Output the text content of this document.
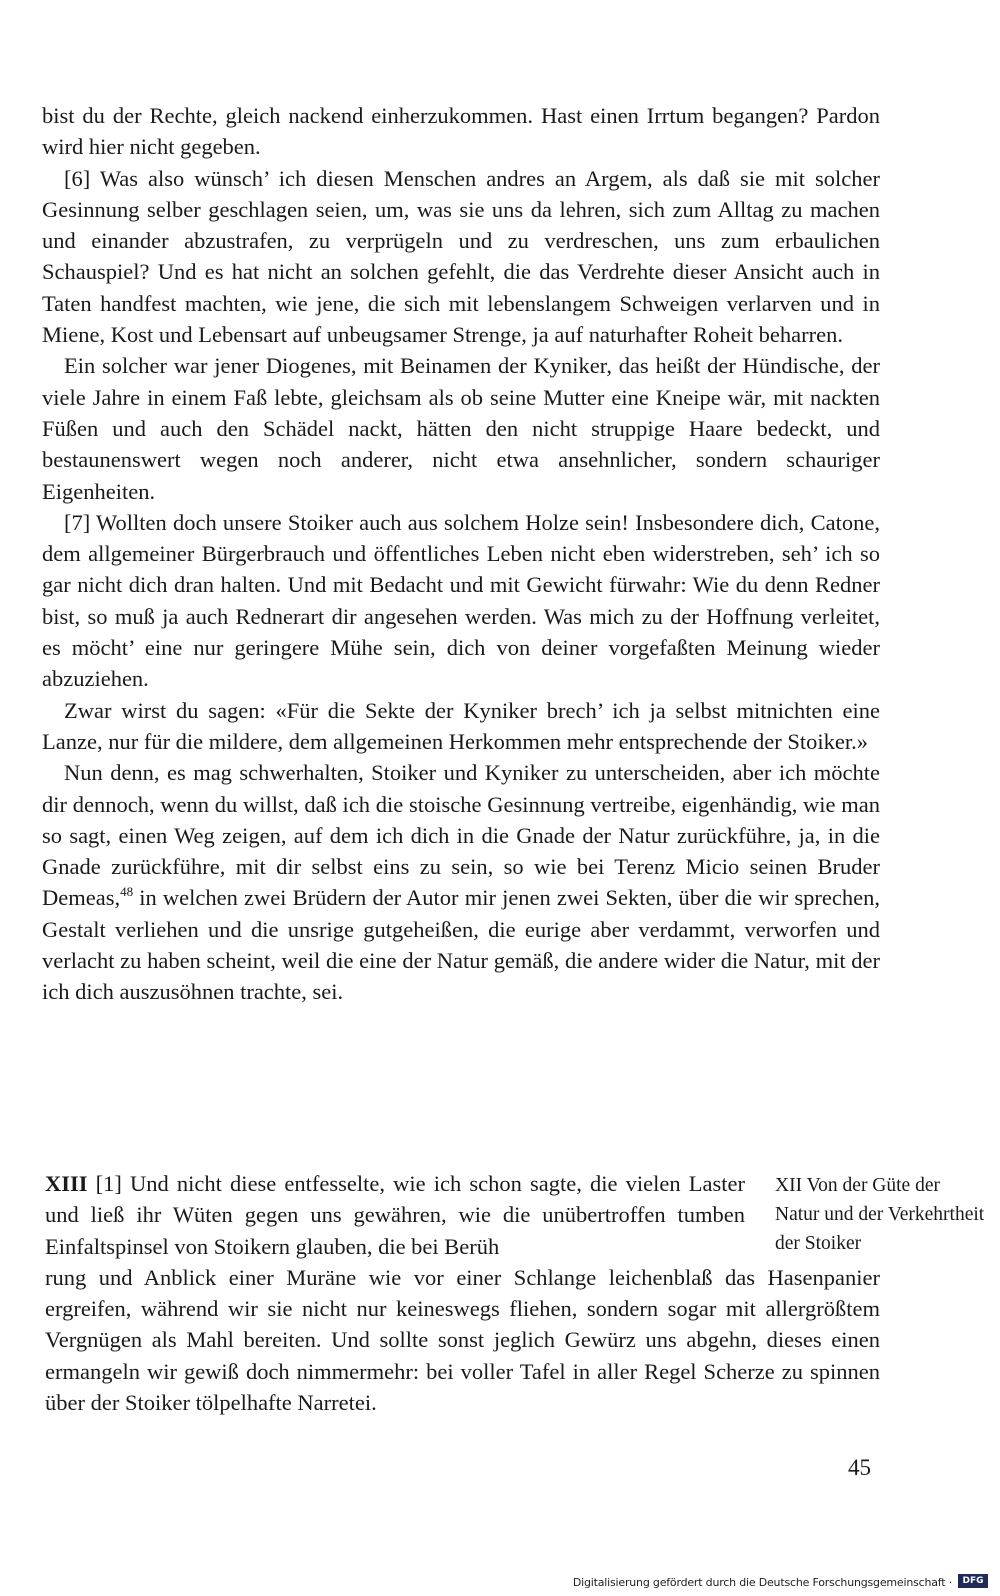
bist du der Rechte, gleich nackend einherzukommen. Hast einen Irrtum begangen? Pardon wird hier nicht gegeben.

[6] Was also wünsch’ ich diesen Menschen andres an Argem, als daß sie mit solcher Gesinnung selber geschlagen seien, um, was sie uns da lehren, sich zum Alltag zu machen und einander abzustrafen, zu verprügeln und zu verdreschen, uns zum erbaulichen Schauspiel? Und es hat nicht an solchen gefehlt, die das Verdrehte dieser Ansicht auch in Taten handfest machten, wie jene, die sich mit lebenslangem Schweigen verlarven und in Miene, Kost und Lebensart auf unbeugsamer Strenge, ja auf naturhafter Roheit beharren.

Ein solcher war jener Diogenes, mit Beinamen der Kyniker, das heißt der Hündische, der viele Jahre in einem Faß lebte, gleichsam als ob seine Mutter eine Kneipe wär, mit nackten Füßen und auch den Schädel nackt, hätten den nicht struppige Haare bedeckt, und bestaunenswert wegen noch anderer, nicht etwa ansehnlicher, sondern schauriger Eigenheiten.

[7] Wollten doch unsere Stoiker auch aus solchem Holze sein! Insbesondere dich, Catone, dem allgemeiner Bürgerbrauch und öffentliches Leben nicht eben widerstreben, seh’ ich so gar nicht dich dran halten. Und mit Bedacht und mit Gewicht fürwahr: Wie du denn Redner bist, so muß ja auch Rednerart dir angesehen werden. Was mich zu der Hoffnung verleitet, es möcht’ eine nur geringere Mühe sein, dich von deiner vorgefaßten Meinung wieder abzuziehen.

Zwar wirst du sagen: «Für die Sekte der Kyniker brech’ ich ja selbst mitnichten eine Lanze, nur für die mildere, dem allgemeinen Herkommen mehr entsprechende der Stoiker.»

Nun denn, es mag schwerhalten, Stoiker und Kyniker zu unterscheiden, aber ich möchte dir dennoch, wenn du willst, daß ich die stoische Gesinnung vertreibe, eigenhändig, wie man so sagt, einen Weg zeigen, auf dem ich dich in die Gnade der Natur zurückführe, ja, in die Gnade zurückführe, mit dir selbst eins zu sein, so wie bei Terenz Micio seinen Bruder Demeas,$^{48}$ in welchen zwei Brüdern der Autor mir jenen zwei Sekten, über die wir sprechen, Gestalt verliehen und die unsrige gutgeheißen, die eurige aber verdammt, verworfen und verlacht zu haben scheint, weil die eine der Natur gemäß, die andere wider die Natur, mit der ich dich auszusöhnen trachte, sei.

XIII [1] Und nicht diese entfesselte, wie ich schon sagte, die vielen Laster und ließ ihr Wüten gegen uns gewähren, wie die unübertroffen tumben Einfaltspinsel von Stoikern glauben, die bei Berüh
rung und Anblick einer Muräne wie vor einer Schlange leichenblaß das Hasenpanier ergreifen, während wir sie nicht nur keineswegs fliehen, sondern sogar mit allergrößtem Vergnügen als Mahl bereiten. Und sollte sonst jeglich Gewürz uns abgehn, dieses einen ermangeln wir gewiß doch nimmermehr: bei voller Tafel in aller Regel Scherze zu spinnen über der Stoiker tölpelhafte Narretei.
XII Von der Güte der Natur und der Verkehrtheit der Stoiker
45
Digitalisierung gefördert durch die Deutsche Forschungsgemeinschaft ·	DFG
